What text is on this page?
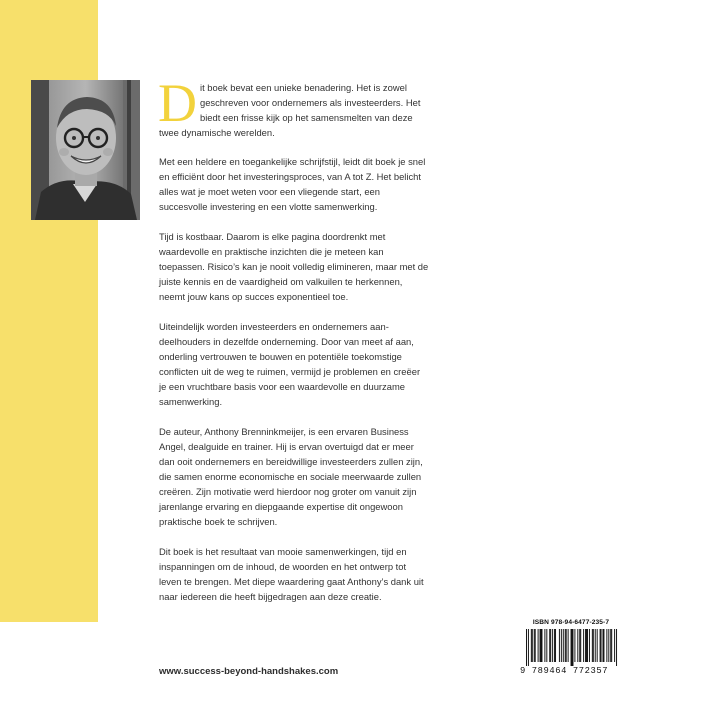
Dit boek bevat een unieke benadering. Het is zowel geschreven voor ondernemers als investeerders. Het biedt een frisse kijk op het samensmelten van deze twee dynamische werelden.

Met een heldere en toegankelijke schrijfstijl, leidt dit boek je snel en efficiënt door het investeringsproces, van A tot Z. Het belicht alles wat je moet weten voor een vliegende start, een succesvolle investering en een vlotte samenwerking.

Tijd is kostbaar. Daarom is elke pagina doordrenkt met waardevolle en praktische inzichten die je meteen kan toepassen. Risico’s kan je nooit volledig elimineren, maar met de juiste kennis en de vaardigheid om valkuilen te herkennen, neemt jouw kans op succes exponentieel toe.

Uiteindelijk worden investeerders en ondernemers aandeelhouders in dezelfde onderneming. Door van meet af aan, onderling vertrouwen te bouwen en potentiële toekomstige conflicten uit de weg te ruimen, vermijd je problemen en creëer je een vruchtbare basis voor een waardevolle en duurzame samenwerking.

De auteur, Anthony Brenninkmeijer, is een ervaren Business Angel, dealguide en trainer. Hij is ervan overtuigd dat er meer dan ooit ondernemers en bereidwillige investeerders zullen zijn, die samen enorme economische en sociale meerwaarde zullen creëren. Zijn motivatie werd hierdoor nog groter om vanuit zijn jarenlange ervaring en diepgaande expertise dit ongewoon praktische boek te schrijven.

Dit boek is het resultaat van mooie samenwerkingen, tijd en inspanningen om de inhoud, de woorden en het ontwerp tot leven te brengen. Met diepe waardering gaat Anthony’s dank uit naar iedereen die heeft bijgedragen aan deze creatie.

www.success-beyond-handshakes.com
ISBN 978-94-6477-235-7
9 789464 772357
